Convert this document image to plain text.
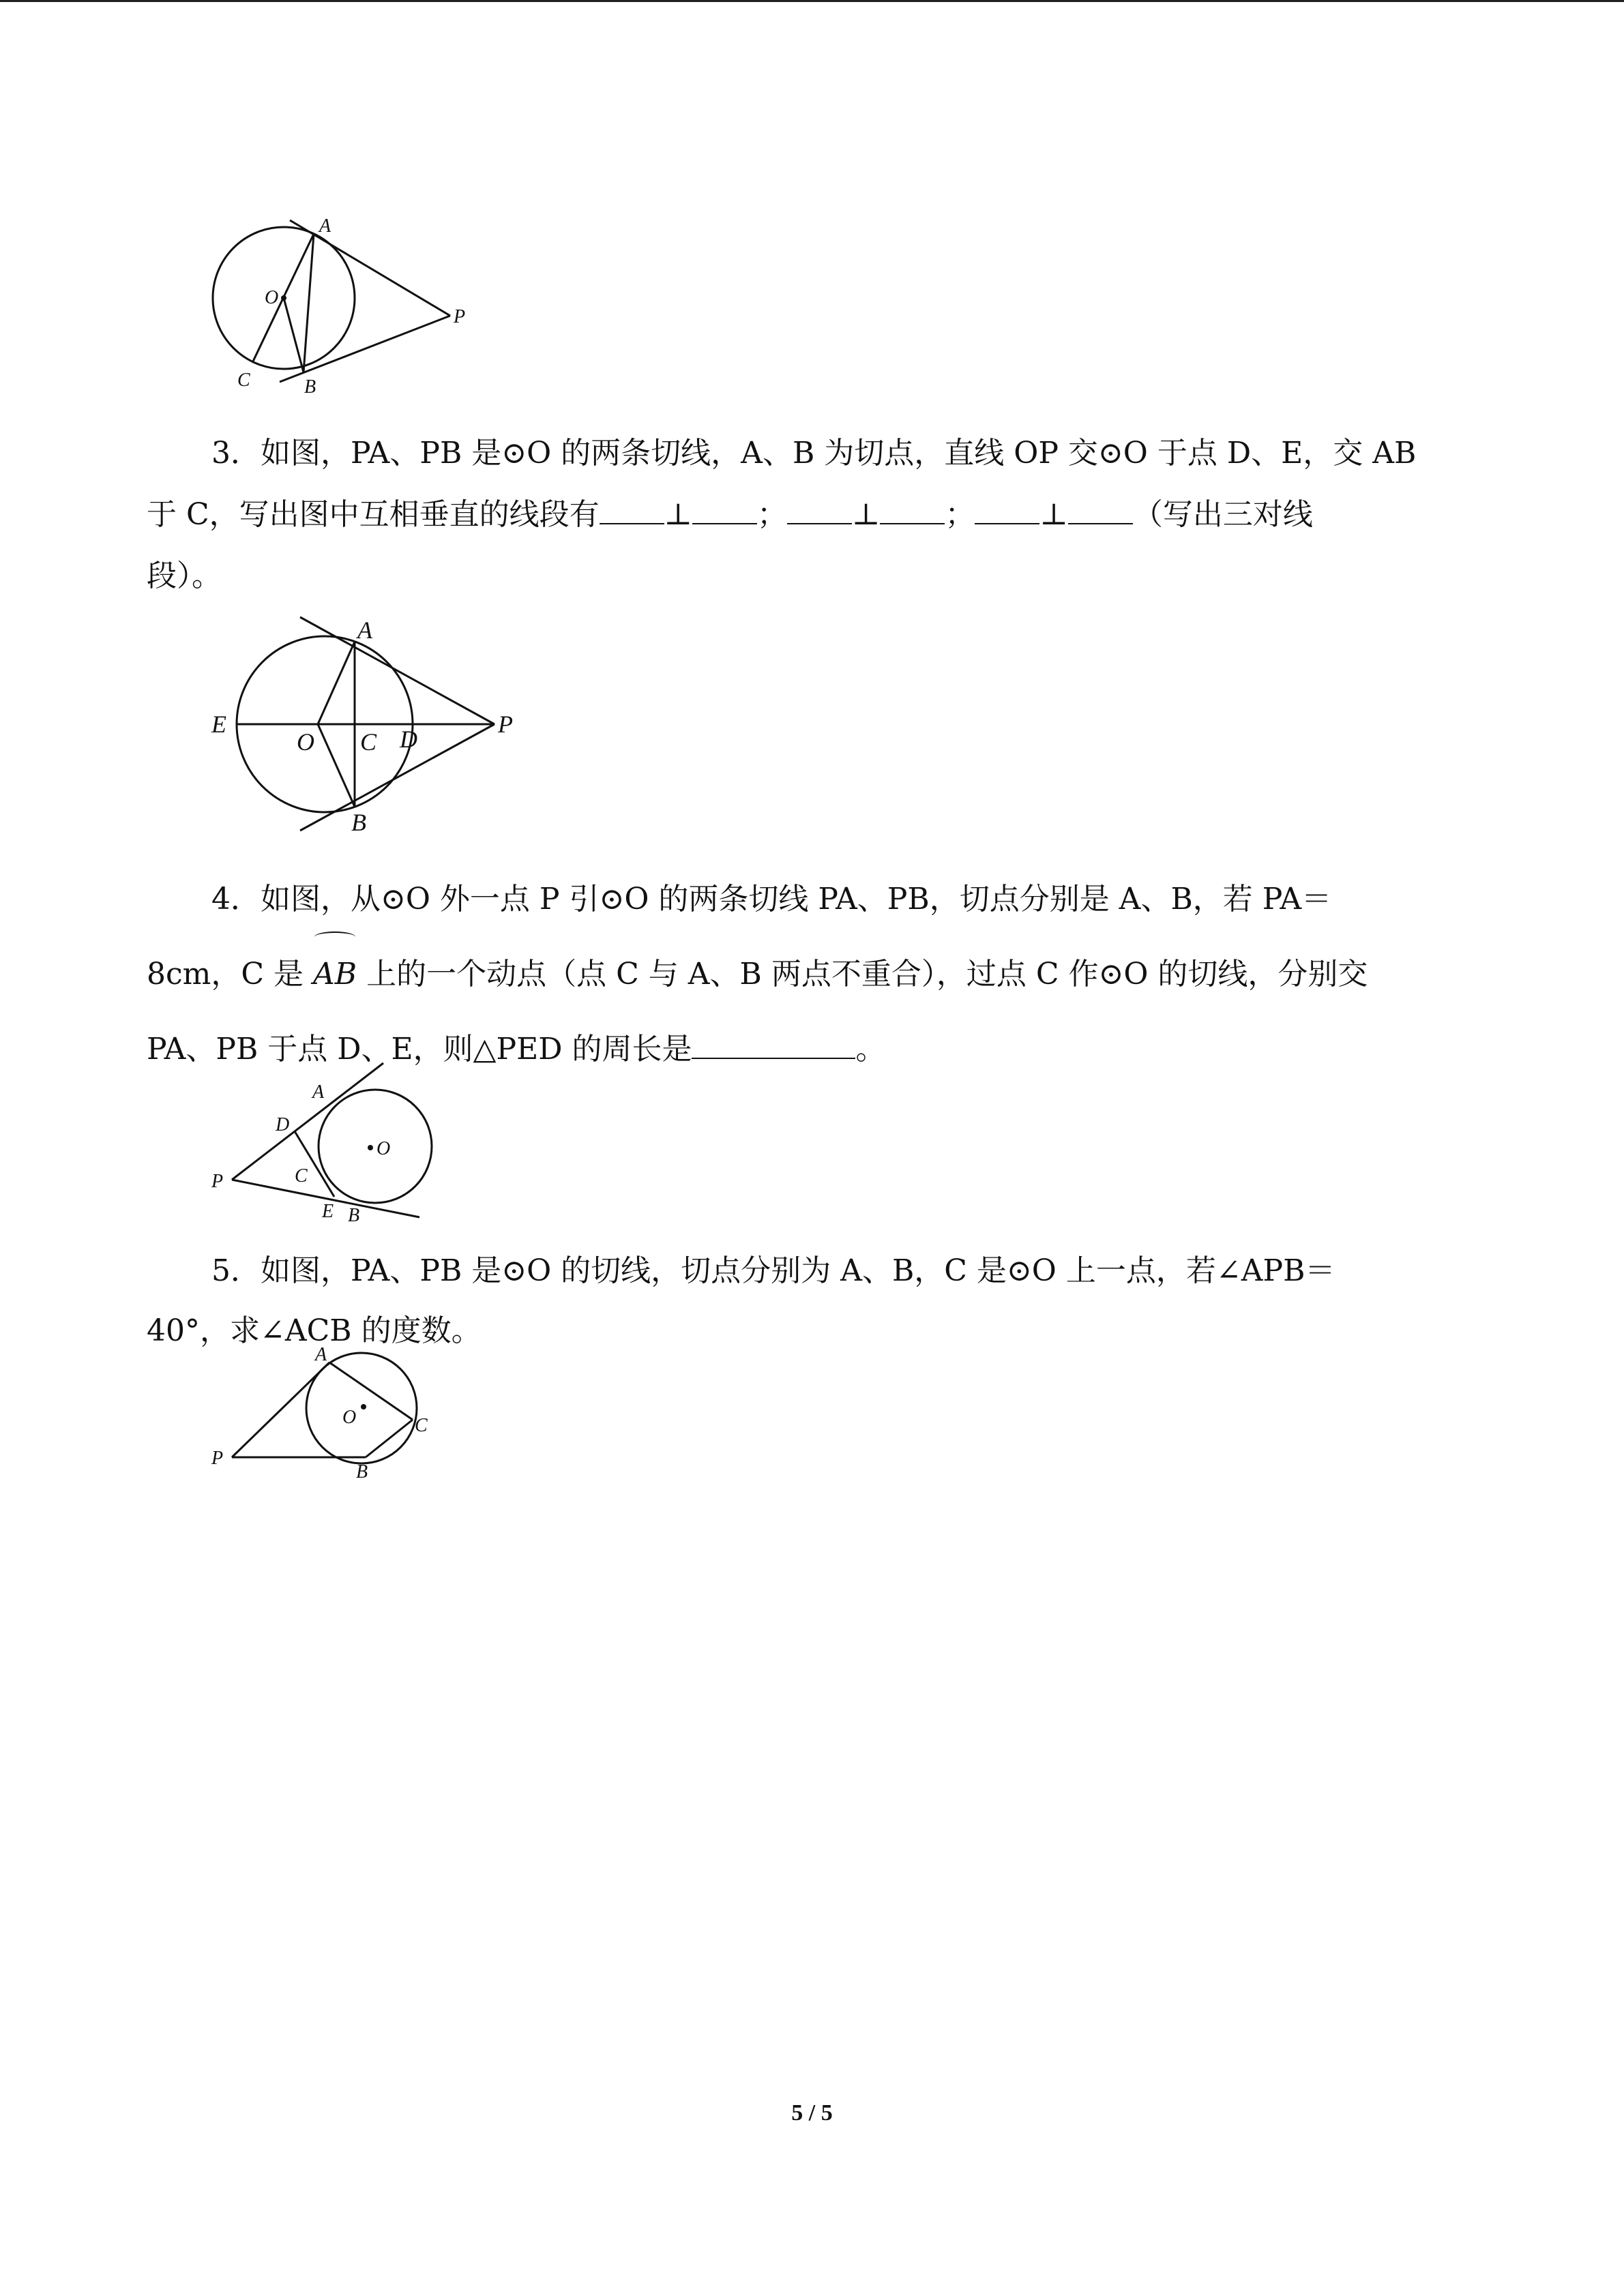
A
O
P
C	B
3．如图，PA、PB 是⊙O 的两条切线，A、B 为切点，直线 OP 交⊙O 于点 D、E，交 AB
于 C，写出图中互相垂直的线段有 ⊥ ； ⊥ ； ⊥ （写出三对线
段）。
A
E
O C D
P
B
4．如图，从⊙O 外一点 P 引⊙O 的两条切线 PA、PB，切点分别是 A、B，若 PA＝
8cm，C 是 AB 上的一个动点（点 C 与 A、B 两点不重合），过点 C 作⊙O 的切线，分别交
PA、PB 于点 D、E，则△PED 的周长是	。
A
D
O
P	C
E B
5．如图，PA、PB 是⊙O 的切线，切点分别为 A、B，C 是⊙O 上一点，若∠APB＝
40°，求∠ACB 的度数。
A
O	C
P
B
5 / 5
